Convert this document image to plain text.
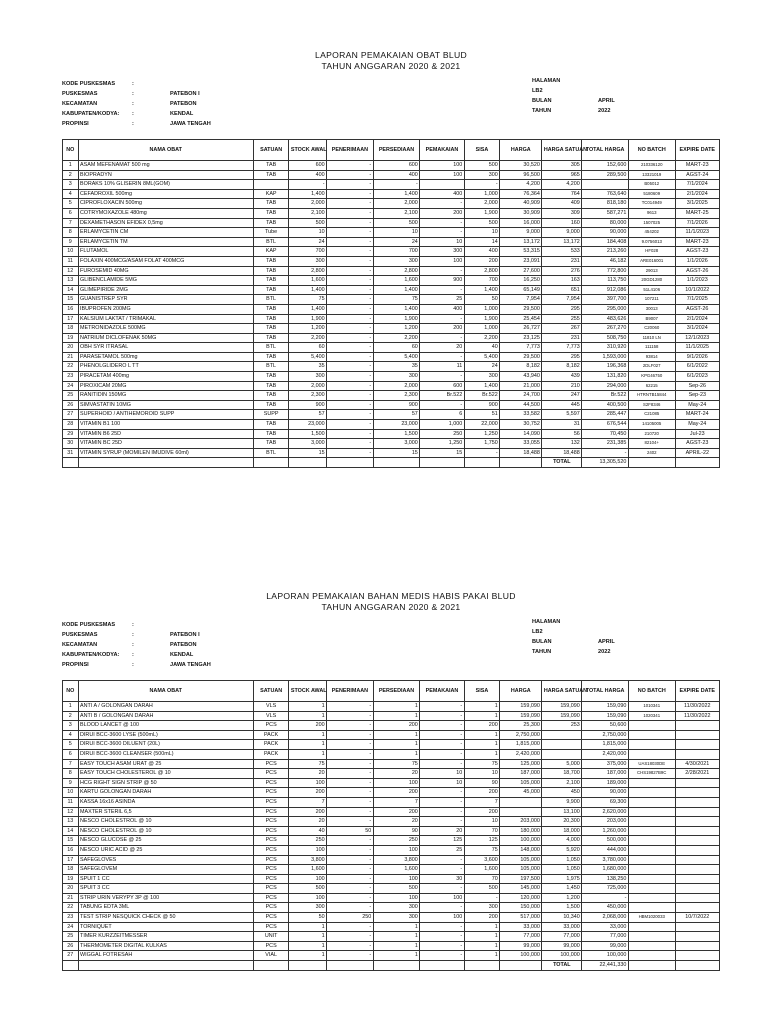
LAPORAN PEMAKAIAN OBAT BLUD
TAHUN ANGGARAN 2020 & 2021
KODE PUSKESMAS	:
PUSKESMAS	:	PATEBON I
KECAMATAN	:	PATEBON
KABUPATEN/KODYA:	:	KENDAL
PROPINSI	:	JAWA TENGAH
HALAMAN
LB2
BULAN	APRIL
TAHUN	2022
NO	NAMA OBAT	SATUAN	STOCK AWAL	PENERIMAAN	PERSEDIAAN	PEMAKAIAN	SISA	HARGA	HARGA SATUAN	TOTAL HARGA	NO BATCH	EXPIRE DATE
1	ASAM MEFENAMAT 500 mg	TAB	600	-	600	100	500	30,520	305	152,600	210336120	MART-23
2	BIOPRADYN	TAB	400	-	400	100	300	96,500	965	289,500	13321019	AGST-24
3	BORAKS 10% GLISERIN 8ML(GOM)		-	-	-		-	4,200	4,200		B05012	7/1/2024
4	CEFADROXIL 500mg	KAP	1,400	-	1,400	400	1,000	76,364	764	763,640	5180609	2/1/2024
5	CIPROFLOXACIN 500mg	TAB	2,000	-	2,000	-	2,000	40,909	409	818,180	TC014949	3/1/2025
6	COTRYMOXAZOLE 480mg	TAB	2,100	-	2,100	200	1,900	30,909	309	587,271	9613	MART-25
7	DEXAMETHASON EFIDEX 0,5mg	TAB	500	-	500	-	500	16,000	160	80,000	1507025	7/1/2026
8	ERLAMYCETIN CM	Tube	10	-	10	-	10	9,000	9,000	90,000	454202	11/1/2023
9	ERLAMYCETIN TM	BTL	24	-	24	10	14	13,172	13,172	184,408	9.0756013	MART-23
10	FLUTAMOL	KAP	700	-	700	300	400	53,315	533	213,260	HF028	AGST-23
11	FOLAXIN 400MCG/ASAM FOLAT 400MCG	TAB	300	-	300	100	200	23,091	231	46,182	ARE016001	1/1/2026
12	FUROSEMID 40MG	TAB	2,800	-	2,800	-	2,800	27,600	276	772,800	29013	AGST-26
13	GLIBENCLAMIDE 5MG	TAB	1,600	-	1,600	900	700	16,250	163	113,750	20GD1280	1/1/2023
14	GLIMEPIRIDE 2MG	TAB	1,400	-	1,400	-	1,400	65,149	651	912,086	51L4106	10/1/2022
15	GUANISTREP SYR	BTL	75	-	75	25	50	7,954	7,954	397,700	107211	7/1/2025
16	IBUPROFEN 200MG	TAB	1,400	-	1,400	400	1,000	29,500	295	295,000	30013	AGST-26
17	KALSIUM LAKTAT / TRIMAKAL	TAB	1,900	-	1,900	-	1,900	25,454	255	483,626	B9007	2/1/2024
18	METRONIDAZOLE 500MG	TAB	1,200	-	1,200	200	1,000	26,727	267	267,270	C20060	3/1/2024
19	NATRIUM DICLOFENAK 50MG	TAB	2,200	-	2,200	-	2,200	23,125	231	508,750	11810 LN	12/1/2023
20	OBH SYR ITRASAL	BTL	60	-	60	20	40	7,773	7,773	310,920	111158	11/1/2025
21	PARASETAMOL 500mg	TAB	5,400	-	5,400	-	5,400	29,500	295	1,593,000	93814	9/1/2026
22	PHENOLGLIDERO L TT	BTL	35	-	35	11	24	8,182	8,182	196,368	2DLF027	6/1/2022
23	PIRACETAM 400mg	TAB	300	-	300	-	300	43,940	439	131,820	KPG46750	6/1/2023
24	PIROXICAM 20MG	TAB	2,000	-	2,000	600	1,400	21,000	210	294,000	62215	Sep-26
25	RANITIDIN 150MG	TAB	2,300	-	2,300	Br.522	Br.522	24,700	247	Br.522	HTRNTB15844	Sep-23
26	SIMVASTATIN 10MG	TAB	900	-	900	-	900	44,500	445	400,500	S2F8346	May-24
27	SUPERHOID / ANTIHEMOROID SUPP	SUPP	57	-	57	6	51	33,582	5,597	285,447	C21085	MART-24
28	VITAMIN B1 100	TAB	23,000	-	23,000	1,000	22,000	30,752	31	676,544	14105005	May-24
29	VITAMIN B6 25D	TAB	1,500	-	1,500	250	1,250	14,090	56	70,450	210720	Jul-23
30	VITAMIN BC 25D	TAB	3,000	-	3,000	1,250	1,750	33,055	132	231,385	82104+	AGST-23
31	VITAMIN SYRUP (MOMILEN IMUDIVE 60ml)	BTL	15	-	15	15	-	18,488	18,488	-	2402	APRIL-22
									TOTAL	13,305,520		
LAPORAN PEMAKAIAN BAHAN MEDIS HABIS PAKAI BLUD
TAHUN ANGGARAN 2020 & 2021
KODE PUSKESMAS	:
PUSKESMAS	:	PATEBON I
KECAMATAN	:	PATEBON
KABUPATEN/KODYA:	:	KENDAL
PROPINSI	:	JAWA TENGAH
HALAMAN
LB2
BULAN	APRIL
TAHUN	2022
NO	NAMA OBAT	SATUAN	STOCK AWAL	PENERIMAAN	PERSEDIAAN	PEMAKAIAN	SISA	HARGA	HARGA SATUAN	TOTAL HARGA	NO BATCH	EXPIRE DATE
1	ANTI A / GOLONGAN DARAH	VLS	1	-	1	-	1	159,090	159,090	159,090	1010341	11/30/2022
2	ANTI B / GOLONGAN DARAH	VLS	1	-	1	-	1	159,090	159,090	159,090	1020341	11/30/2022
3	BLOOD LANCET @ 100	PCS	200	-	200	-	200	25,300	253	50,600		
4	DIRUI BCC-3600 LYSE (500mL)	PACK	1	-	1	-	1	2,750,000		2,750,000		
5	DIRUI BCC-3600 DILUENT (20L)	PACK	1	-	1	-	1	1,815,000		1,815,000		
6	DIRUI BCC-3600 CLEANSER (500mL)	PACK	1	-	1	-	1	2,420,000		2,420,000		
7	EASY TOUCH ASAM URAT @ 25	PCS	75	-	75	-	75	125,000	5,000	375,000	UAS18030DE	4/30/2021
8	EASY TOUCH CHOLESTEROL @ 10	PCS	20	-	20	10	10	187,000	18,700	187,000	CHS19827B9C	2/28/2021
9	HCG RIGHT SIGN STRIP @ 50	PCS	100	-	100	10	90	105,000	2,100	189,000		
10	KARTU GOLONGAN DARAH	PCS	200	-	200	-	200	45,000	450	90,000		
11	KASSA 16x16 ASINDA	PCS	7	-	7	-	7		9,900	69,300		
12	MAXTER STERIL 6,5	PCS	200	-	200	-	200		13,100	2,620,000		
13	NESCO CHOLESTROL @ 10	PCS	20	-	20	-	10	203,000	20,300	203,000		
14	NESCO CHOLESTROL @ 10	PCS	40	50	90	20	70	180,000	18,000	1,260,000		
15	NESCO GLUCOSE @ 25	PCS	250	-	250	125	125	100,000	4,000	500,000		
16	NESCO URIC ACID @ 25	PCS	100	-	100	25	75	148,000	5,920	444,000		
17	SAFEGLOVES	PCS	3,800	-	3,800	-	3,600	105,000	1,050	3,780,000		
18	SAFEGLOVEM	PCS	1,600	-	1,600	-	1,600	105,000	1,050	1,680,000		
19	SPUIT 1 CC	PCS	100	-	100	30	70	197,500	1,975	138,250		
20	SPUIT 3 CC	PCS	500	-	500	-	500	145,000	1,450	725,000		
21	STRIP URIN VERYPY 3P @ 100	PCS	100	-	100	100	-	120,000	1,200	-		
22	TABUNG EDTA 3ML	PCS	300	-	300	-	300	150,000	1,500	450,000		
23	TEST STRIP NESQUICK CHECK @ 50	PCS	50	250	300	100	200	517,000	10,340	2,068,000	HBM1020033	10/7/2022
24	TORNIQUET	PCS	1	-	1	-	1	33,000	33,000	33,000		
25	TIMER KURZZEITMESSER	UNIT	1	-	1	-	1	77,000	77,000	77,000		
26	THERMOMETER DIGITAL KULKAS	PCS	1	-	1	-	1	99,000	99,000	99,000		
27	WIGGAL FOTRESAH	VIAL	1	-	1	-	1	100,000	100,000	100,000		
									TOTAL	22,441,330		
